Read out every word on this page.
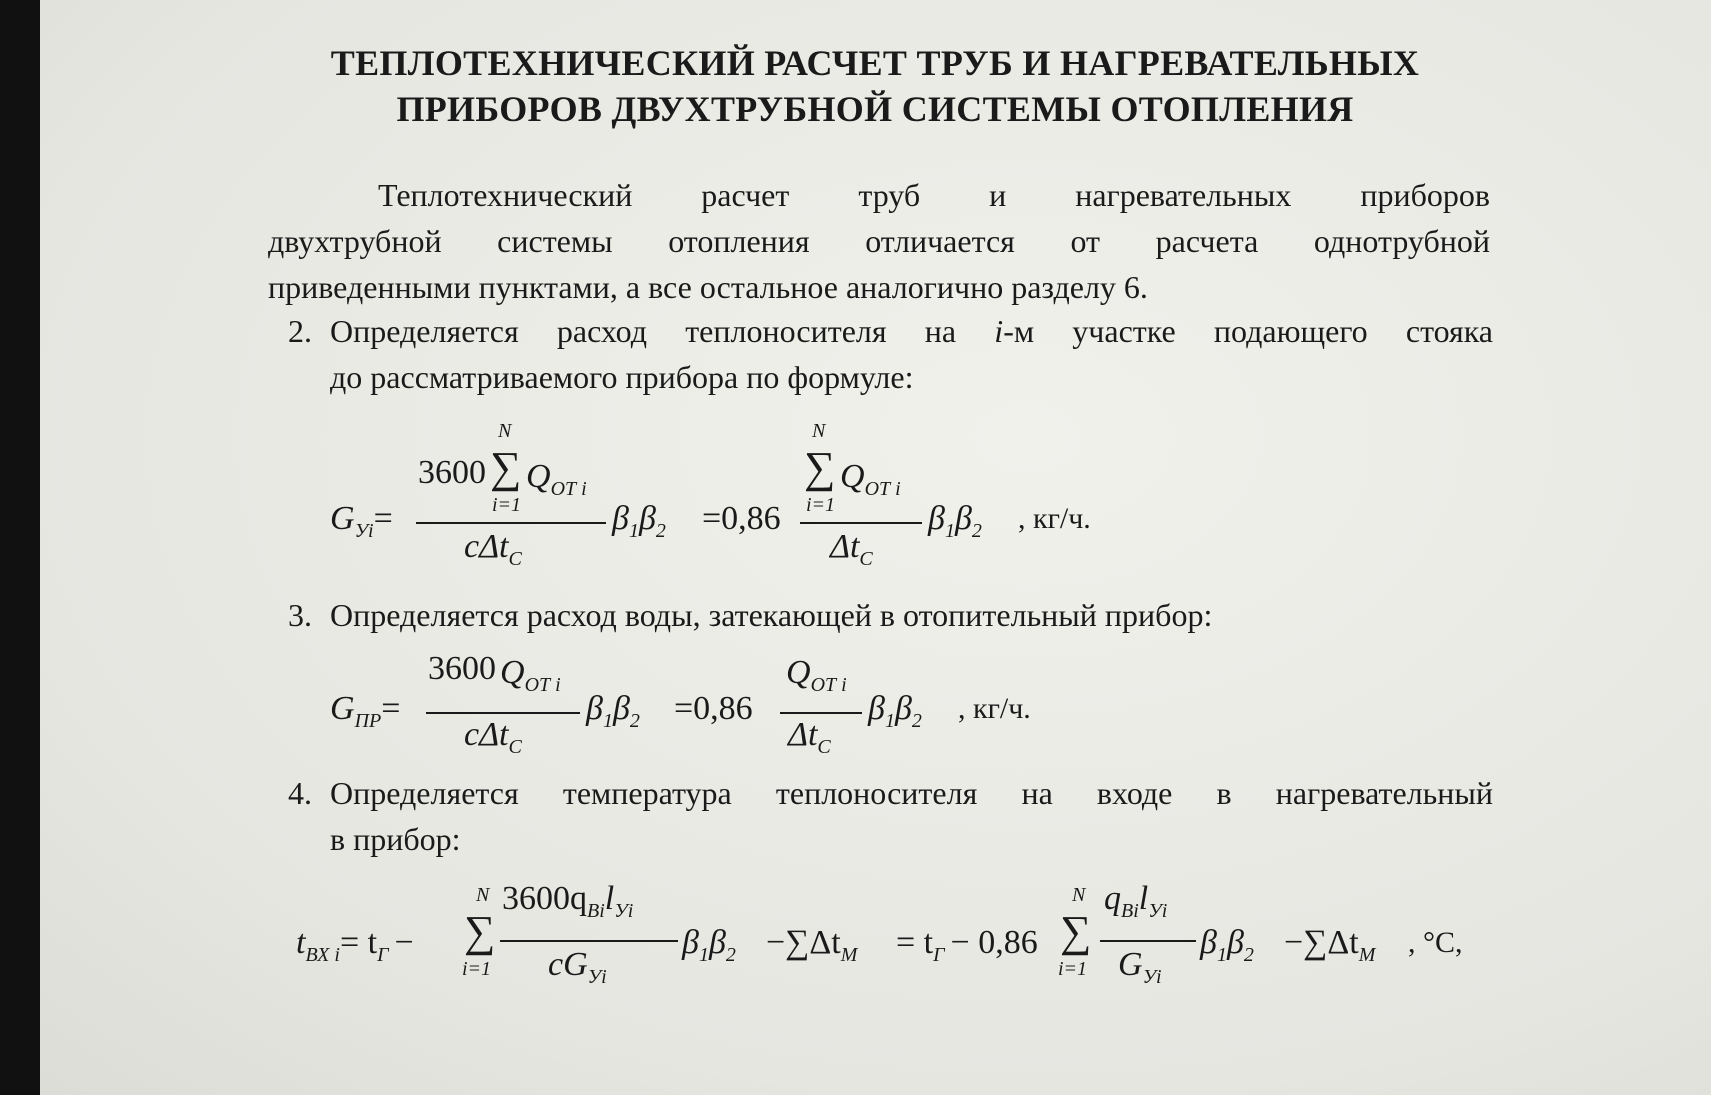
ТЕПЛОТЕХНИЧЕСКИЙ РАСЧЕТ ТРУБ И НАГРЕВАТЕЛЬНЫХ
ПРИБОРОВ ДВУХТРУБНОЙ СИСТЕМЫ ОТОПЛЕНИЯ
Теплотехнический расчет труб и нагревательных приборов
двухтрубной системы отопления отличается от расчета однотрубной
приведенными пунктами, а все остальное аналогично разделу 6.
2. Определяется расход теплоносителя на i-м участке подающего стояка
до рассматриваемого прибора по формуле:
$G_{Уi}=$
3600
N
∑
i=1
$Q_{ОТ i}$
cΔt$_C$
$\beta_1\beta_2 =0,86$
N
∑
i=1
$Q_{ОТ i}$
$\Delta t_C$
$\beta_1\beta_2$ , кг/ч.
3. Определяется расход воды, затекающей в отопительный прибор:
$G_{ПР}=$
3600 $Q_{ОТ i}$
cΔt$_C$
$\beta_1\beta_2 =0,86$
$Q_{ОТ i}$
$\Delta t_C$
$\beta_1\beta_2$ , кг/ч.
4. Определяется температура теплоносителя на входе в нагревательный
в прибор:
$t_{ВХ i}= t_Г$ −
N
∑
i=1
$3600q_{Вi}l_{Уi}$
$cG_{Уi}$
$\beta_1\beta_2 -\sum\Delta t_M = t_Г - 0,86$
N
∑
i=1
$q_{Вi}l_{Уi}$
$G_{Уi}$
$\beta_1\beta_2 -\sum\Delta t_M$ , °C,
